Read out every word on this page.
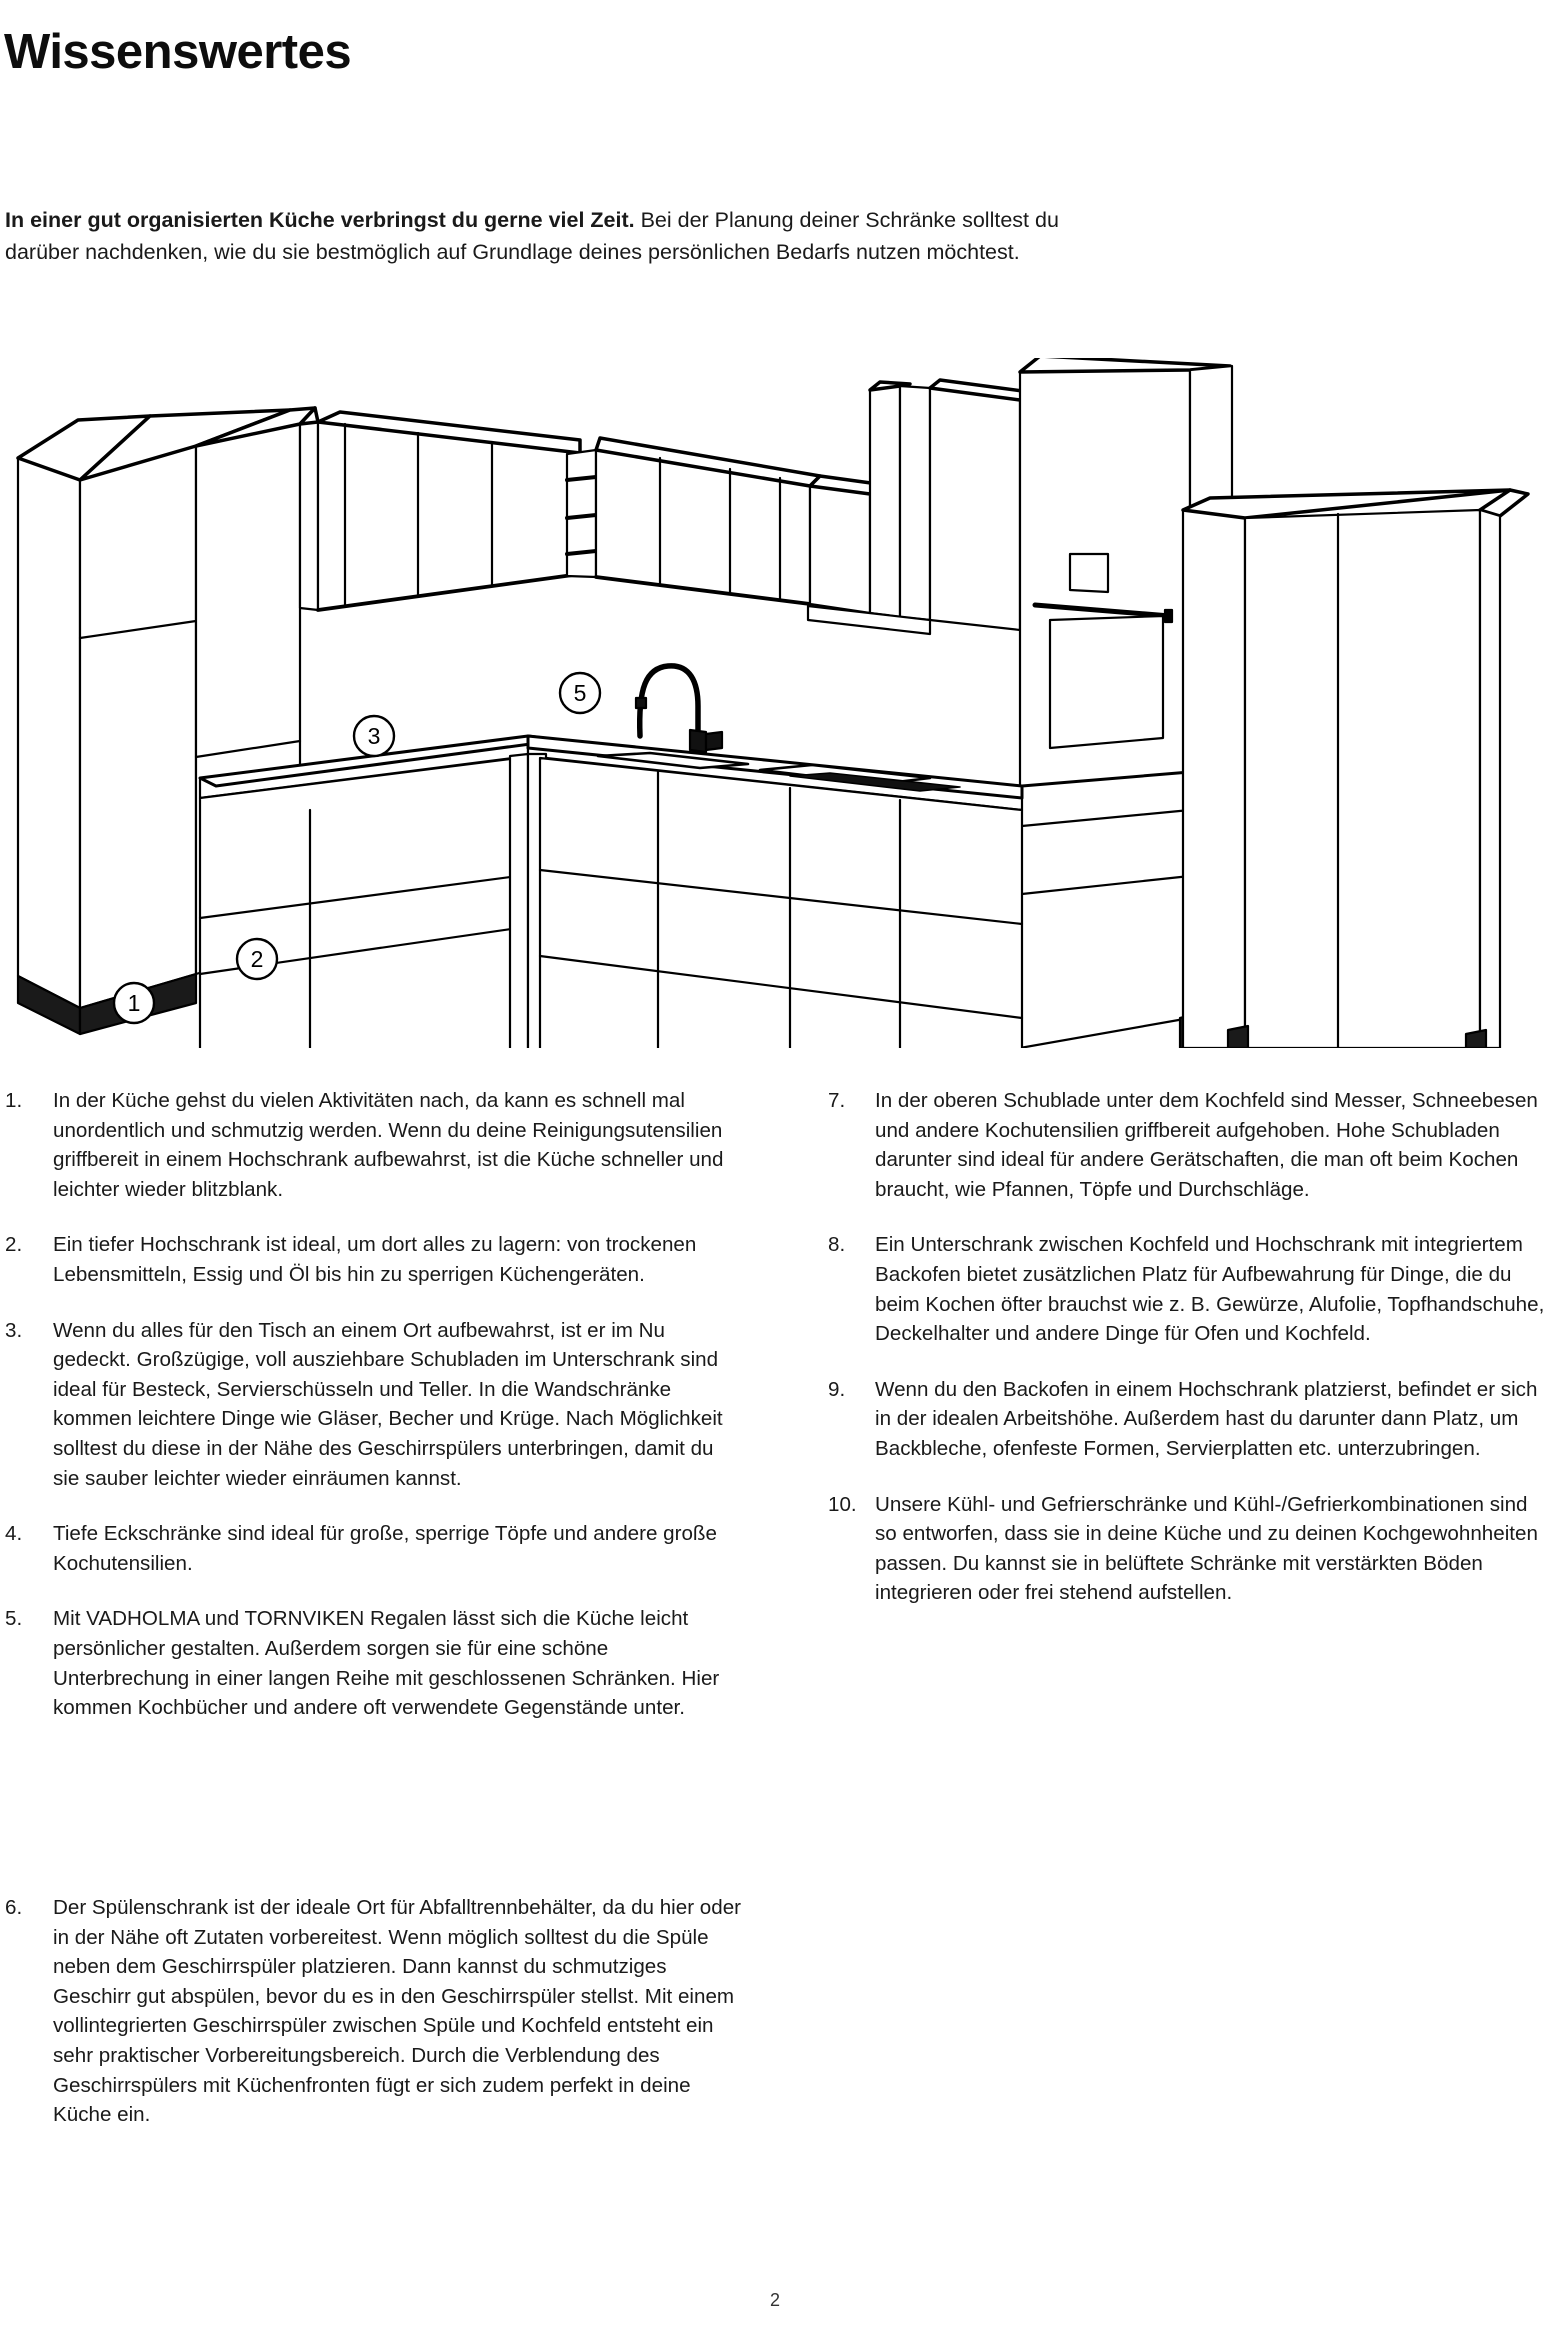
Wissenswertes

In einer gut organisierten Küche verbringst du gerne viel Zeit. Bei der Planung deiner Schränke solltest du darüber nachdenken, wie du sie bestmöglich auf Grundlage deines persönlichen Bedarfs nutzen möchtest.

1
2
3
5
1.	In der Küche gehst du vielen Aktivitäten nach, da kann es schnell mal unordentlich und schmutzig werden. Wenn du deine Reinigungsutensilien griffbereit in einem Hochschrank aufbewahrst, ist die Küche schneller und leichter wieder blitzblank.
2.	Ein tiefer Hochschrank ist ideal, um dort alles zu lagern: von trockenen Lebensmitteln, Essig und Öl bis hin zu sperrigen Küchengeräten.
3.	Wenn du alles für den Tisch an einem Ort aufbewahrst, ist er im Nu gedeckt. Großzügige, voll ausziehbare Schubladen im Unterschrank sind ideal für Besteck, Servierschüsseln und Teller. In die Wandschränke kommen leichtere Dinge wie Gläser, Becher und Krüge. Nach Möglichkeit solltest du diese in der Nähe des Geschirrspülers unterbringen, damit du sie sauber leichter wieder einräumen kannst.
4.	Tiefe Eckschränke sind ideal für große, sperrige Töpfe und andere große Kochutensilien.
5.	Mit VADHOLMA und TORNVIKEN Regalen lässt sich die Küche leicht persönlicher gestalten. Außerdem sorgen sie für eine schöne Unterbrechung in einer langen Reihe mit geschlossenen Schränken. Hier kommen Kochbücher und andere oft verwendete Gegenstände unter.
7.	In der oberen Schublade unter dem Kochfeld sind Messer, Schneebesen und andere Kochutensilien griffbereit aufgehoben. Hohe Schubladen darunter sind ideal für andere Gerätschaften, die man oft beim Kochen braucht, wie Pfannen, Töpfe und Durchschläge.
8.	Ein Unterschrank zwischen Kochfeld und Hochschrank mit integriertem Backofen bietet zusätzlichen Platz für Aufbewahrung für Dinge, die du beim Kochen öfter brauchst wie z. B. Gewürze, Alufolie, Topfhandschuhe, Deckelhalter und andere Dinge für Ofen und Kochfeld.
9.	Wenn du den Backofen in einem Hochschrank platzierst, befindet er sich in der idealen Arbeitshöhe. Außerdem hast du darunter dann Platz, um Backbleche, ofenfeste Formen, Servierplatten etc. unterzubringen.
10. Unsere Kühl- und Gefrierschränke und Kühl-/Gefrierkombinationen sind so entworfen, dass sie in deine Küche und zu deinen Kochgewohnheiten passen. Du kannst sie in belüftete Schränke mit verstärkten Böden integrieren oder frei stehend aufstellen.
6.	Der Spülenschrank ist der ideale Ort für Abfalltrennbehälter, da du hier oder in der Nähe oft Zutaten vorbereitest. Wenn möglich solltest du die Spüle neben dem Geschirrspüler platzieren. Dann kannst du schmutziges Geschirr gut abspülen, bevor du es in den Geschirrspüler stellst. Mit einem vollintegrierten Geschirrspüler zwischen Spüle und Kochfeld entsteht ein sehr praktischer Vorbereitungsbereich. Durch die Verblendung des Geschirrspülers mit Küchenfronten fügt er sich zudem perfekt in deine Küche ein.
2
